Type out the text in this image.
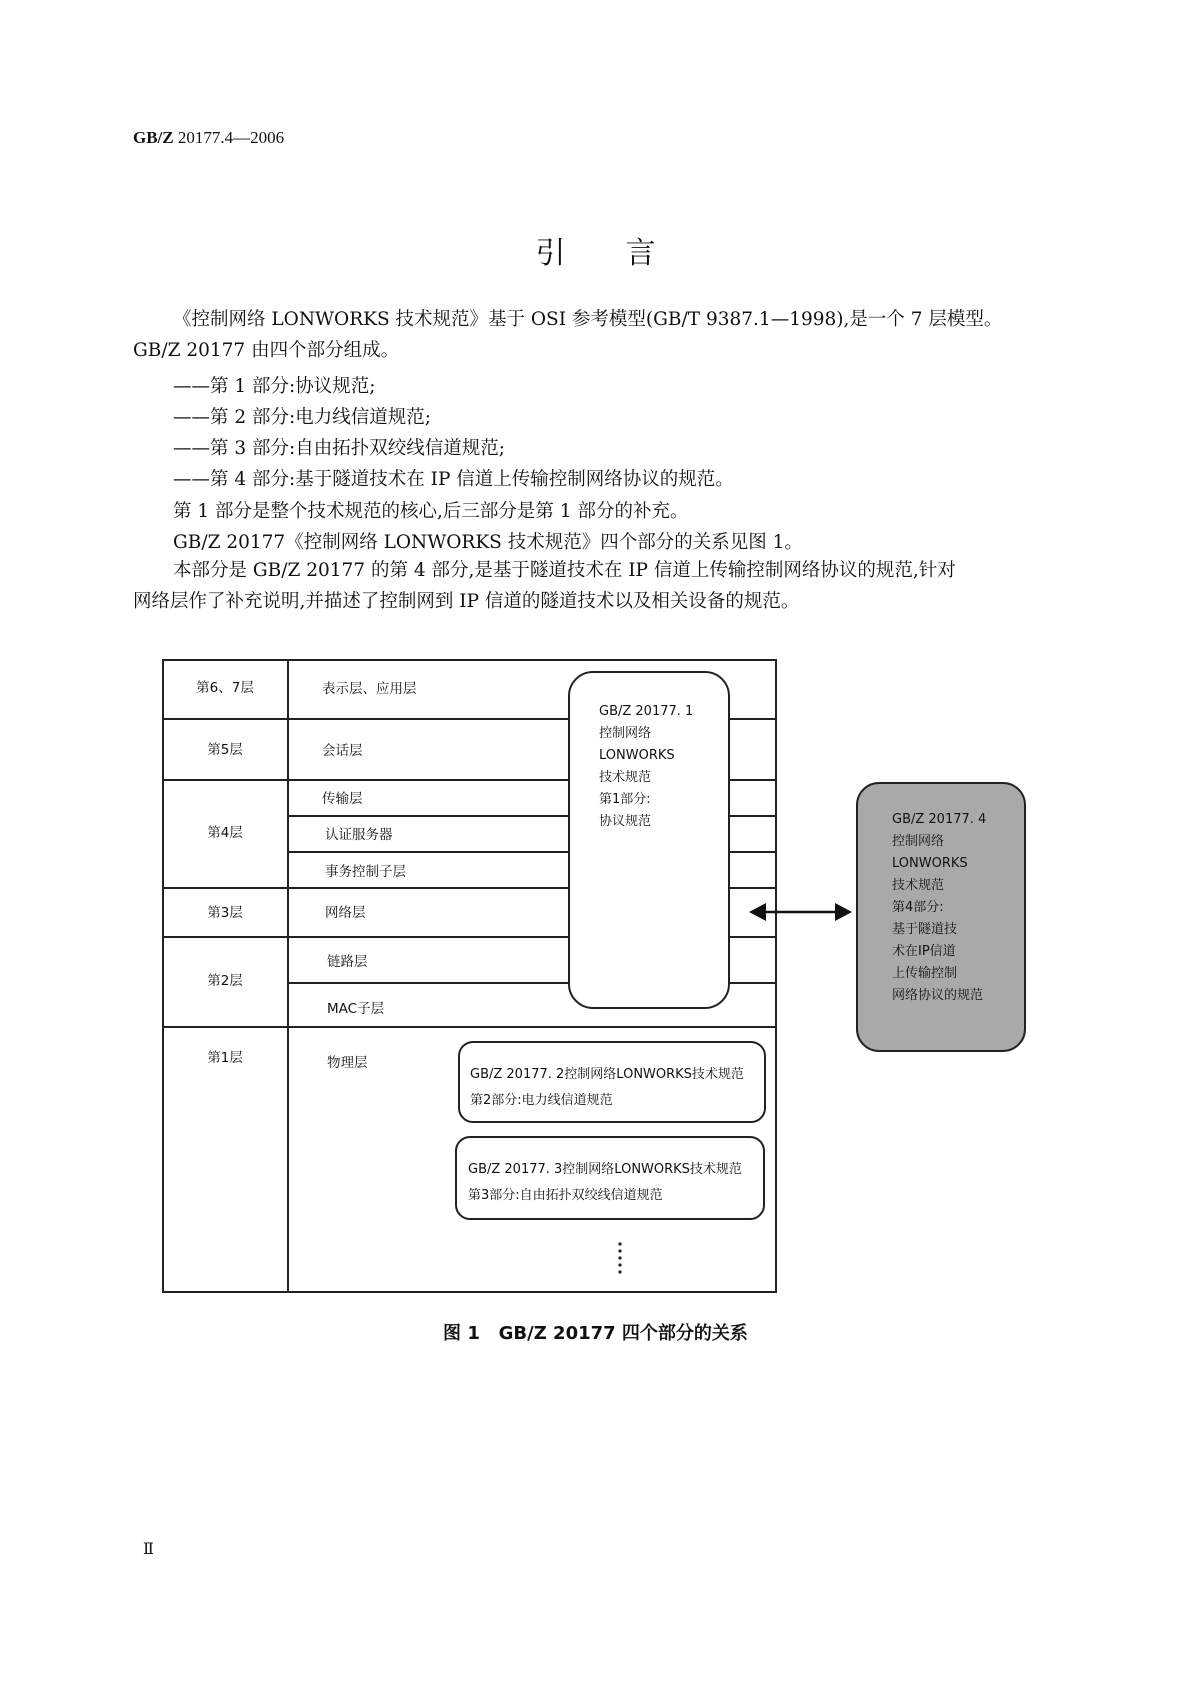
GB/Z 20177.4—2006
引言
《控制网络 LONWORKS 技术规范》基于 OSI 参考模型(GB/T 9387.1—1998),是一个 7 层模型。
GB/Z 20177 由四个部分组成。
——第 1 部分:协议规范;
——第 2 部分:电力线信道规范;
——第 3 部分:自由拓扑双绞线信道规范;
——第 4 部分:基于隧道技术在 IP 信道上传输控制网络协议的规范。
第 1 部分是整个技术规范的核心,后三部分是第 1 部分的补充。
GB/Z 20177《控制网络 LONWORKS 技术规范》四个部分的关系见图 1。
本部分是 GB/Z 20177 的第 4 部分,是基于隧道技术在 IP 信道上传输控制网络协议的规范,针对
网络层作了补充说明,并描述了控制网到 IP 信道的隧道技术以及相关设备的规范。
第6、7层
第5层
第4层
第3层
第2层
第1层
表示层、应用层
会话层
传输层
认证服务器
事务控制子层
网络层
链路层
MAC子层
物理层
GB/Z 20177. 1
控制网络
LONWORKS
技术规范
第1部分:
协议规范
GB/Z 20177. 2控制网络LONWORKS技术规范
第2部分:电力线信道规范
GB/Z 20177. 3控制网络LONWORKS技术规范
第3部分:自由拓扑双绞线信道规范
GB/Z 20177. 4
控制网络
LONWORKS
技术规范
第4部分:
基于隧道技
术在IP信道
上传输控制
网络协议的规范
图 1 GB/Z 20177 四个部分的关系
Ⅱ
